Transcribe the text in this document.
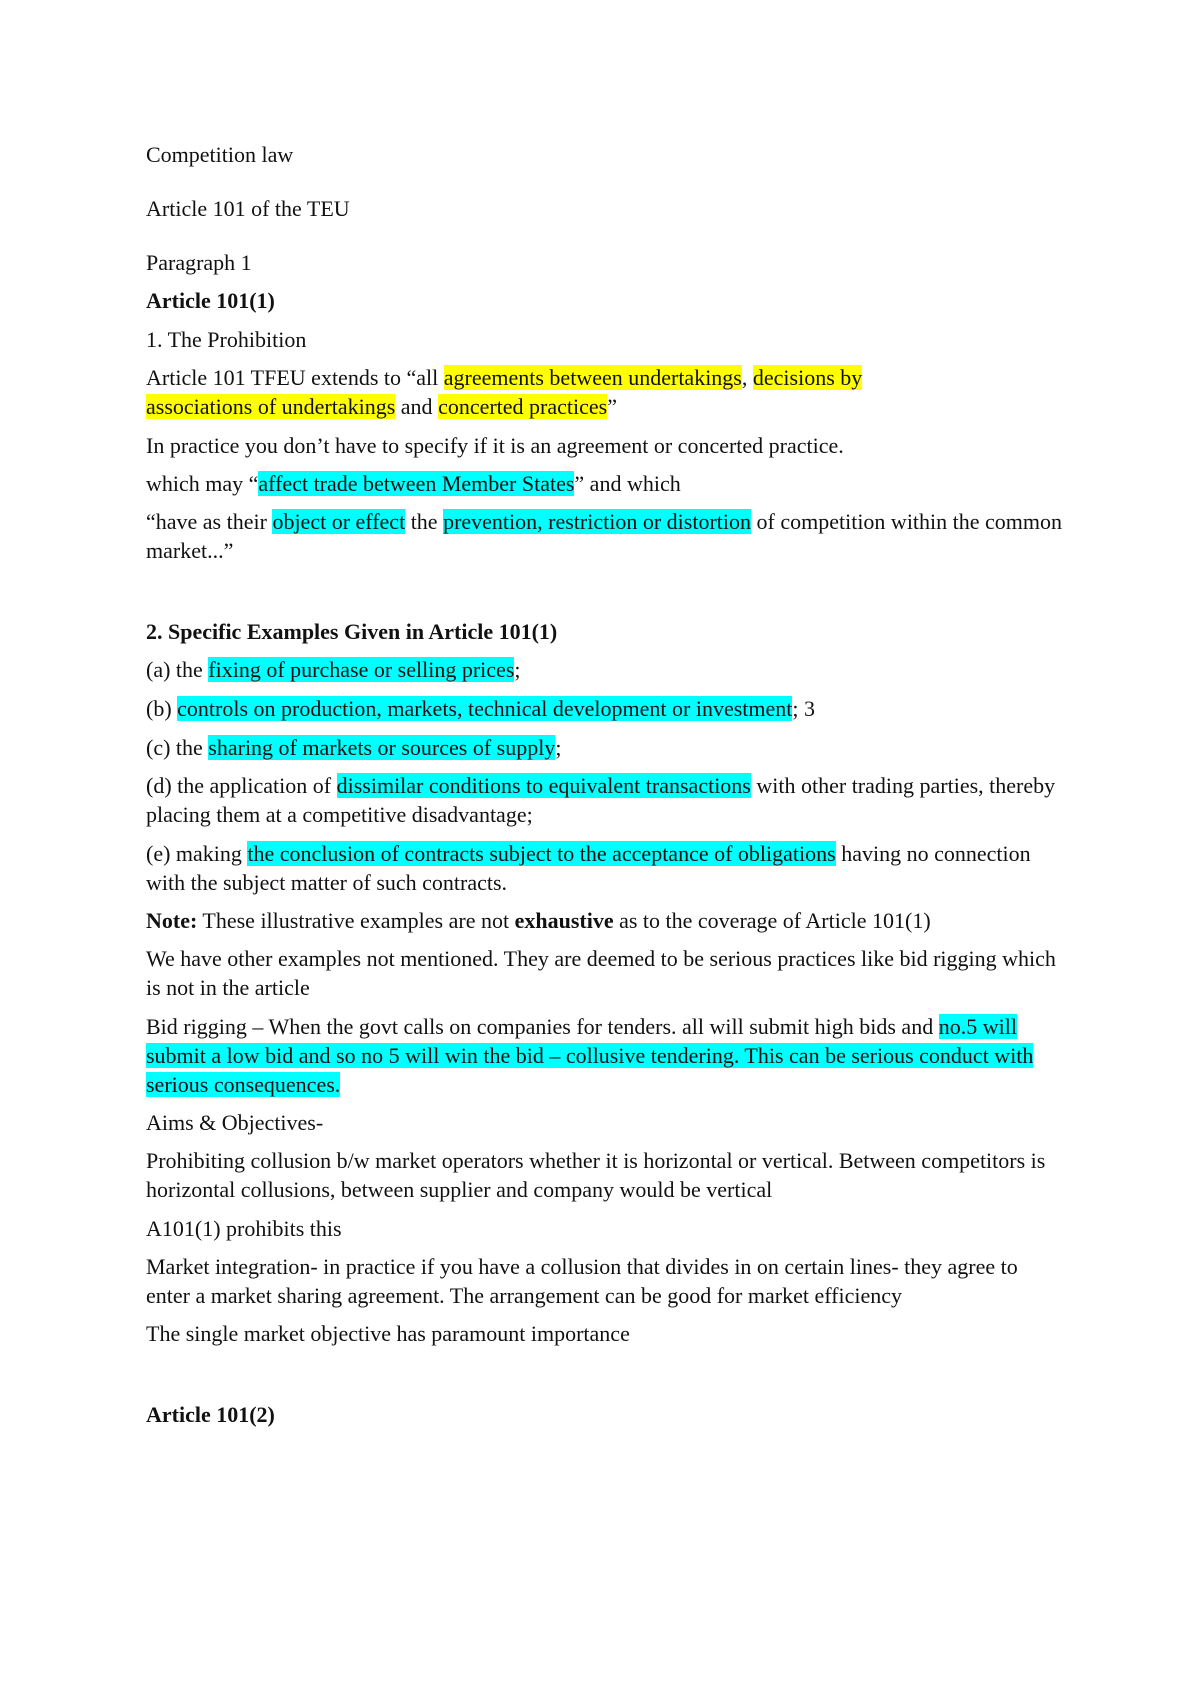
Competition law

Article 101 of the TEU

Paragraph 1

Article 101(1)

1. The Prohibition

Article 101 TFEU extends to “all agreements between undertakings, decisions by
associations of undertakings and concerted practices”

In practice you don’t have to specify if it is an agreement or concerted practice.

which may “affect trade between Member States” and which

“have as their object or effect the prevention, restriction or distortion of competition within the common market...”

2. Specific Examples Given in Article 101(1)

(a) the fixing of purchase or selling prices;

(b) controls on production, markets, technical development or investment; 3

(c) the sharing of markets or sources of supply;

(d) the application of dissimilar conditions to equivalent transactions with other trading parties, thereby placing them at a competitive disadvantage;

(e) making the conclusion of contracts subject to the acceptance of obligations having no connection with the subject matter of such contracts.

Note: These illustrative examples are not exhaustive as to the coverage of Article 101(1)

We have other examples not mentioned. They are deemed to be serious practices like bid rigging which is not in the article

Bid rigging – When the govt calls on companies for tenders. all will submit high bids and no.5 will submit a low bid and so no 5 will win the bid – collusive tendering. This can be serious conduct with serious consequences.

Aims & Objectives-

Prohibiting collusion b/w market operators whether it is horizontal or vertical. Between competitors is horizontal collusions, between supplier and company would be vertical

A101(1) prohibits this

Market integration- in practice if you have a collusion that divides in on certain lines- they agree to enter a market sharing agreement. The arrangement can be good for market efficiency

The single market objective has paramount importance

Article 101(2)
